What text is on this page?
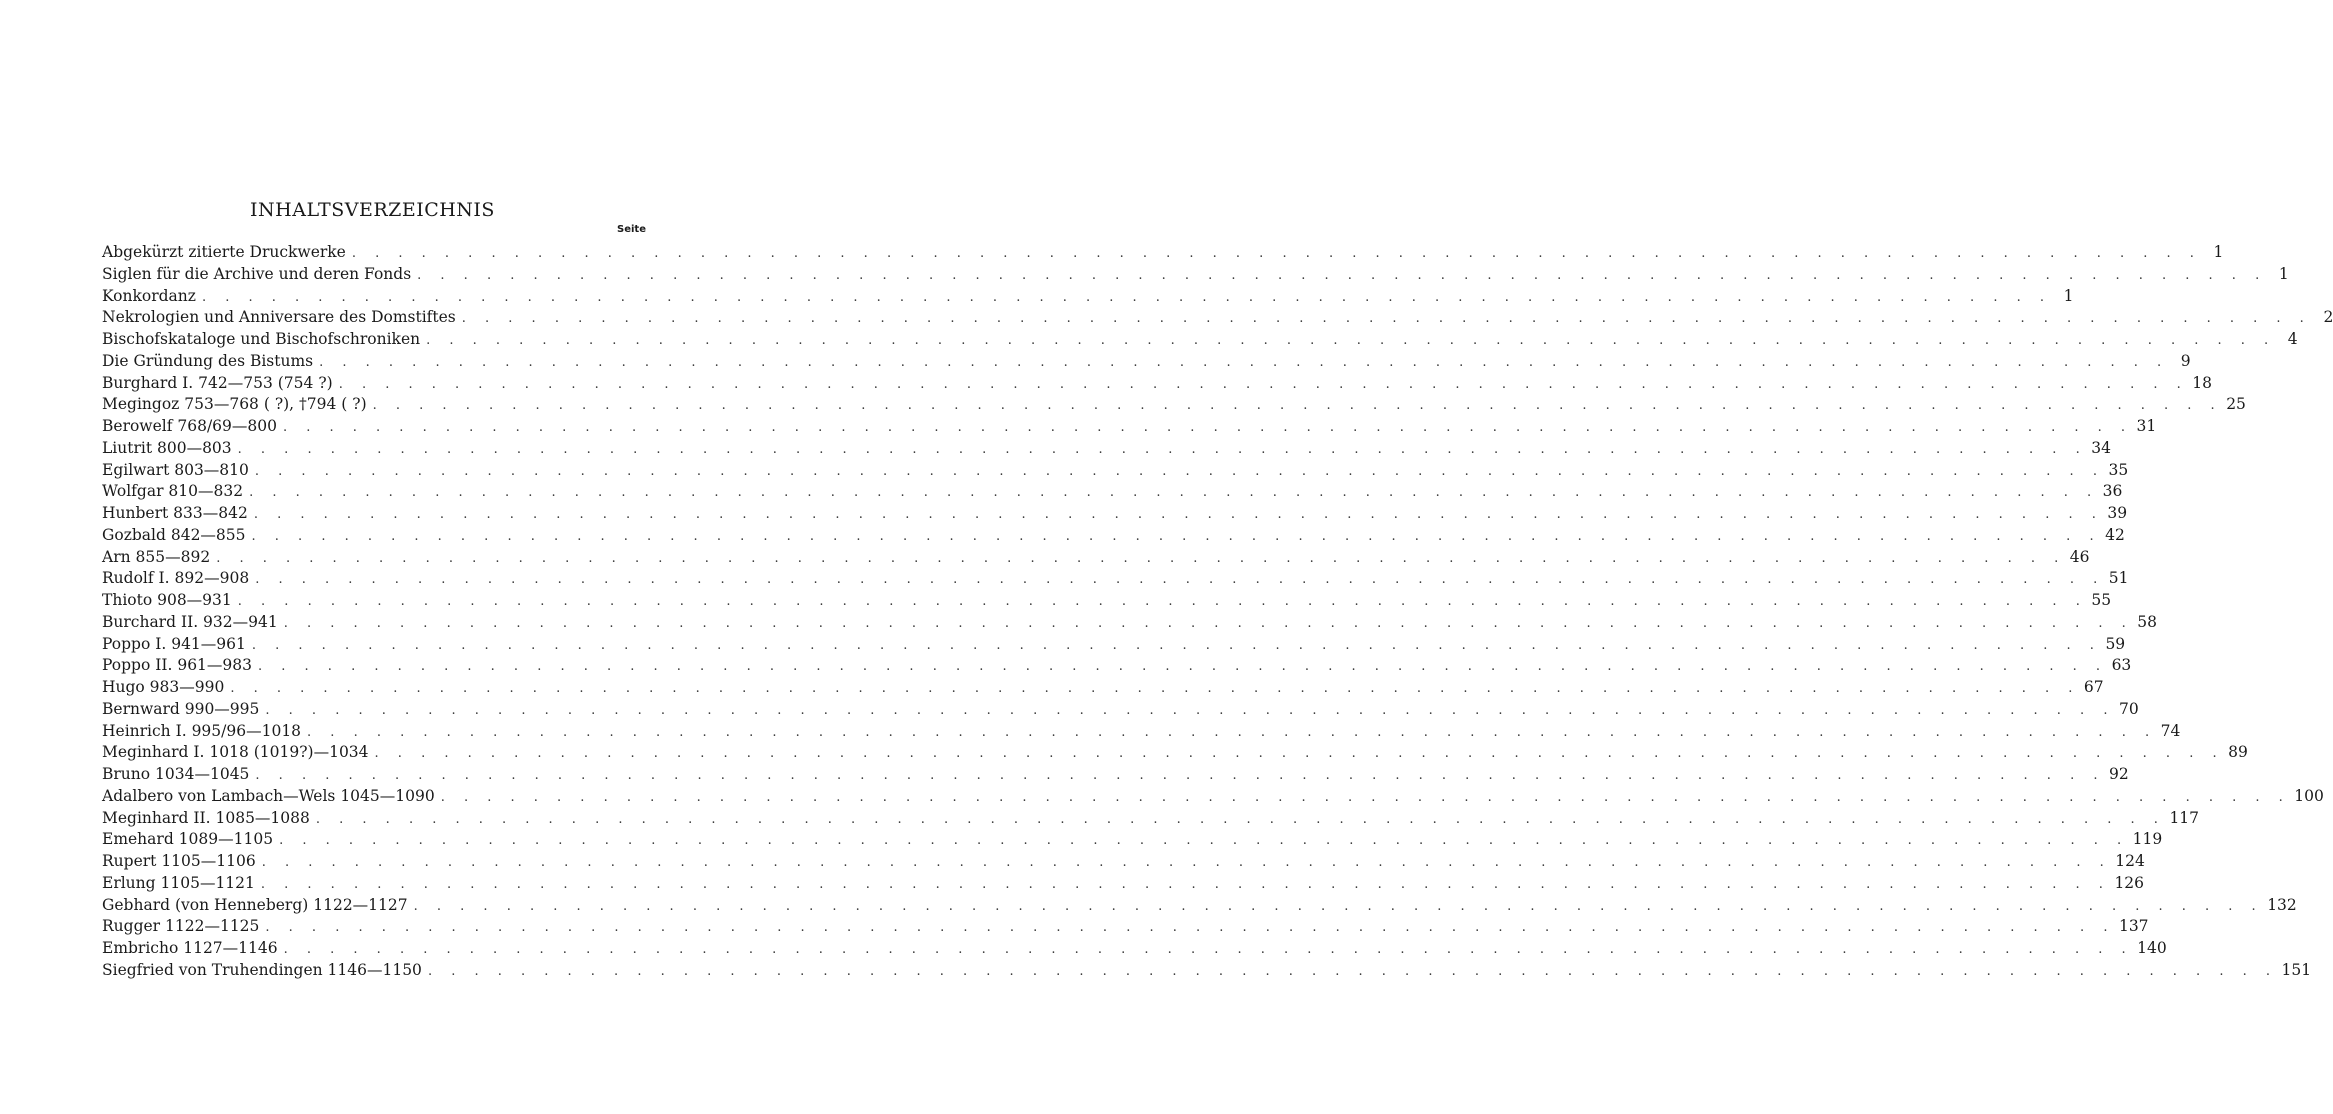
INHALTSVERZEICHNIS
Seite
Abgekürzt zitierte Druckwerke . . . . . . . . . . . . . . . . . . . . . . . . . . . . . . . . . . . . . . . . . . . . . . . . . . . . . . . . . . . . . . . . . . . . . . . . . . . . . . . . 1
Siglen für die Archive und deren Fonds . . . . . . . . . . . . . . . . . . . . . . . . . . . . . . . . . . . . . . . . . . . . . . . . . . . . . . . . . . . . . . . . . . . . . . . . . . . . . . . . 1
Konkordanz . . . . . . . . . . . . . . . . . . . . . . . . . . . . . . . . . . . . . . . . . . . . . . . . . . . . . . . . . . . . . . . . . . . . . . . . . . . . . . . . 1
Nekrologien und Anniversare des Domstiftes . . . . . . . . . . . . . . . . . . . . . . . . . . . . . . . . . . . . . . . . . . . . . . . . . . . . . . . . . . . . . . . . . . . . . . . . . . . . . . . . 2
Bischofskataloge und Bischofschroniken . . . . . . . . . . . . . . . . . . . . . . . . . . . . . . . . . . . . . . . . . . . . . . . . . . . . . . . . . . . . . . . . . . . . . . . . . . . . . . . . 4
Die Gründung des Bistums . . . . . . . . . . . . . . . . . . . . . . . . . . . . . . . . . . . . . . . . . . . . . . . . . . . . . . . . . . . . . . . . . . . . . . . . . . . . . . . . 9
Burghard I. 742—753 (754 ?) . . . . . . . . . . . . . . . . . . . . . . . . . . . . . . . . . . . . . . . . . . . . . . . . . . . . . . . . . . . . . . . . . . . . . . . . . . . . . . . . 18
Megingoz 753—768 ( ?), †794 ( ?) . . . . . . . . . . . . . . . . . . . . . . . . . . . . . . . . . . . . . . . . . . . . . . . . . . . . . . . . . . . . . . . . . . . . . . . . . . . . . . . . 25
Berowelf 768/69—800 . . . . . . . . . . . . . . . . . . . . . . . . . . . . . . . . . . . . . . . . . . . . . . . . . . . . . . . . . . . . . . . . . . . . . . . . . . . . . . . . 31
Liutrit 800—803 . . . . . . . . . . . . . . . . . . . . . . . . . . . . . . . . . . . . . . . . . . . . . . . . . . . . . . . . . . . . . . . . . . . . . . . . . . . . . . . . 34
Egilwart 803—810 . . . . . . . . . . . . . . . . . . . . . . . . . . . . . . . . . . . . . . . . . . . . . . . . . . . . . . . . . . . . . . . . . . . . . . . . . . . . . . . . 35
Wolfgar 810—832 . . . . . . . . . . . . . . . . . . . . . . . . . . . . . . . . . . . . . . . . . . . . . . . . . . . . . . . . . . . . . . . . . . . . . . . . . . . . . . . . 36
Hunbert 833—842 . . . . . . . . . . . . . . . . . . . . . . . . . . . . . . . . . . . . . . . . . . . . . . . . . . . . . . . . . . . . . . . . . . . . . . . . . . . . . . . . 39
Gozbald 842—855 . . . . . . . . . . . . . . . . . . . . . . . . . . . . . . . . . . . . . . . . . . . . . . . . . . . . . . . . . . . . . . . . . . . . . . . . . . . . . . . . 42
Arn 855—892 . . . . . . . . . . . . . . . . . . . . . . . . . . . . . . . . . . . . . . . . . . . . . . . . . . . . . . . . . . . . . . . . . . . . . . . . . . . . . . . . 46
Rudolf I. 892—908 . . . . . . . . . . . . . . . . . . . . . . . . . . . . . . . . . . . . . . . . . . . . . . . . . . . . . . . . . . . . . . . . . . . . . . . . . . . . . . . . 51
Thioto 908—931 . . . . . . . . . . . . . . . . . . . . . . . . . . . . . . . . . . . . . . . . . . . . . . . . . . . . . . . . . . . . . . . . . . . . . . . . . . . . . . . . 55
Burchard II. 932—941 . . . . . . . . . . . . . . . . . . . . . . . . . . . . . . . . . . . . . . . . . . . . . . . . . . . . . . . . . . . . . . . . . . . . . . . . . . . . . . . . 58
Poppo I. 941—961 . . . . . . . . . . . . . . . . . . . . . . . . . . . . . . . . . . . . . . . . . . . . . . . . . . . . . . . . . . . . . . . . . . . . . . . . . . . . . . . . 59
Poppo II. 961—983 . . . . . . . . . . . . . . . . . . . . . . . . . . . . . . . . . . . . . . . . . . . . . . . . . . . . . . . . . . . . . . . . . . . . . . . . . . . . . . . . 63
Hugo 983—990 . . . . . . . . . . . . . . . . . . . . . . . . . . . . . . . . . . . . . . . . . . . . . . . . . . . . . . . . . . . . . . . . . . . . . . . . . . . . . . . . 67
Bernward 990—995 . . . . . . . . . . . . . . . . . . . . . . . . . . . . . . . . . . . . . . . . . . . . . . . . . . . . . . . . . . . . . . . . . . . . . . . . . . . . . . . . 70
Heinrich I. 995/96—1018 . . . . . . . . . . . . . . . . . . . . . . . . . . . . . . . . . . . . . . . . . . . . . . . . . . . . . . . . . . . . . . . . . . . . . . . . . . . . . . . . 74
Meginhard I. 1018 (1019?)—1034 . . . . . . . . . . . . . . . . . . . . . . . . . . . . . . . . . . . . . . . . . . . . . . . . . . . . . . . . . . . . . . . . . . . . . . . . . . . . . . . . 89
Bruno 1034—1045 . . . . . . . . . . . . . . . . . . . . . . . . . . . . . . . . . . . . . . . . . . . . . . . . . . . . . . . . . . . . . . . . . . . . . . . . . . . . . . . . 92
Adalbero von Lambach—Wels 1045—1090 . . . . . . . . . . . . . . . . . . . . . . . . . . . . . . . . . . . . . . . . . . . . . . . . . . . . . . . . . . . . . . . . . . . . . . . . . . . . . . . . 100
Meginhard II. 1085—1088 . . . . . . . . . . . . . . . . . . . . . . . . . . . . . . . . . . . . . . . . . . . . . . . . . . . . . . . . . . . . . . . . . . . . . . . . . . . . . . . . 117
Emehard 1089—1105 . . . . . . . . . . . . . . . . . . . . . . . . . . . . . . . . . . . . . . . . . . . . . . . . . . . . . . . . . . . . . . . . . . . . . . . . . . . . . . . . 119
Rupert 1105—1106 . . . . . . . . . . . . . . . . . . . . . . . . . . . . . . . . . . . . . . . . . . . . . . . . . . . . . . . . . . . . . . . . . . . . . . . . . . . . . . . . 124
Erlung 1105—1121 . . . . . . . . . . . . . . . . . . . . . . . . . . . . . . . . . . . . . . . . . . . . . . . . . . . . . . . . . . . . . . . . . . . . . . . . . . . . . . . . 126
Gebhard (von Henneberg) 1122—1127 . . . . . . . . . . . . . . . . . . . . . . . . . . . . . . . . . . . . . . . . . . . . . . . . . . . . . . . . . . . . . . . . . . . . . . . . . . . . . . . . 132
Rugger 1122—1125 . . . . . . . . . . . . . . . . . . . . . . . . . . . . . . . . . . . . . . . . . . . . . . . . . . . . . . . . . . . . . . . . . . . . . . . . . . . . . . . . 137
Embricho 1127—1146 . . . . . . . . . . . . . . . . . . . . . . . . . . . . . . . . . . . . . . . . . . . . . . . . . . . . . . . . . . . . . . . . . . . . . . . . . . . . . . . . 140
Siegfried von Truhendingen 1146—1150 . . . . . . . . . . . . . . . . . . . . . . . . . . . . . . . . . . . . . . . . . . . . . . . . . . . . . . . . . . . . . . . . . . . . . . . . . . . . . . . . 151
